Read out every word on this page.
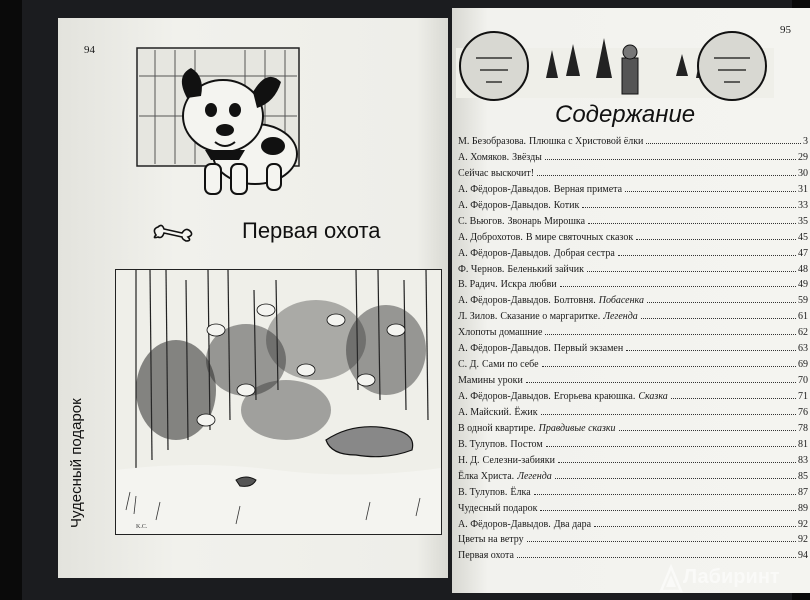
94
Чудесный подарок
Первая охота
K.C.
95
Содержание
М. Безобразова. Плюшка с Христовой ёлки	3
А. Хомяков. Звёзды	29
Сейчас выскочит!	30
А. Фёдоров-Давыдов. Верная примета	31
А. Фёдоров-Давыдов. Котик	33
С. Вьюгов. Звонарь Мирошка	35
А. Доброхотов. В мире святочных сказок	45
А. Фёдоров-Давыдов. Добрая сестра	47
Ф. Чернов. Беленький зайчик	48
В. Радич. Искра любви	49
А. Фёдоров-Давыдов. Болтовня. Побасенка	59
Л. Зилов. Сказание о маргаритке. Легенда	61
Хлопоты домашние	62
А. Фёдоров-Давыдов. Первый экзамен	63
С. Д. Сами по себе	69
Мамины уроки	70
А. Фёдоров-Давыдов. Егорьева краюшка. Сказка	71
А. Майский. Ёжик	76
В одной квартире. Правдивые сказки	78
В. Тулупов. Постом	81
Н. Д. Селезни-забияки	83
Ёлка Христа. Легенда	85
В. Тулупов. Ёлка	87
Чудесный подарок	89
А. Фёдоров-Давыдов. Два дара	92
Цветы на ветру	92
Первая охота	94
Лабиринт
